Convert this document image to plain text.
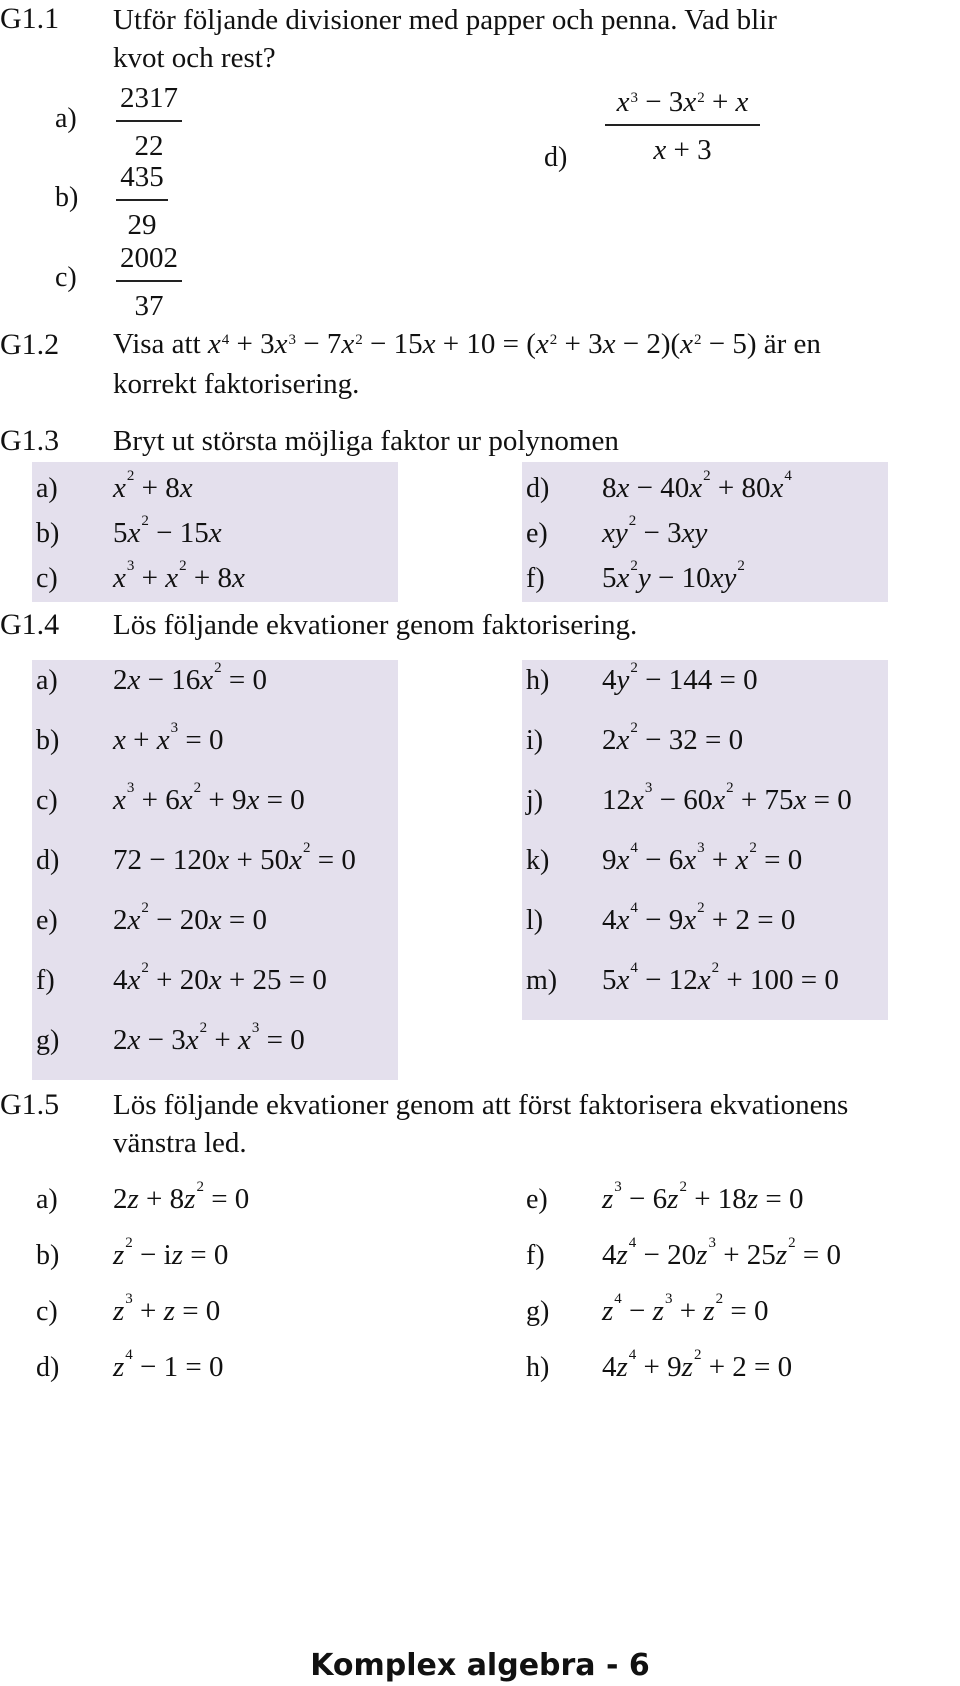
G1.1 Utför följande divisioner med papper och penna. Vad blir
kvot och rest?
a)
2317
22
b)
435
29
c)
2002
37
d)
$x^3 - 3x^2 + x$
x + 3
G1.2 Visa att $x^4 + 3x^3 - 7x^2 - 15x + 10 = (x^2 + 3x - 2)(x^2 - 5)$ är en
korrekt faktorisering.
G1.3 Bryt ut största möjliga faktor ur polynomen
a) $x^2 + 8x$
b) $5x^2 - 15x$
c) $x^3 + x^2 + 8x$
d) $8x - 40x^2 + 80x^4$
e) $xy^2 - 3xy$
f) $5x^2y - 10xy^2$
G1.4 Lös följande ekvationer genom faktorisering.
a) $2x - 16x^2 = 0$
b) $x + x^3 = 0$
c) $x^3 + 6x^2 + 9x = 0$
d) $72 - 120x + 50x^2 = 0$
e) $2x^2 - 20x = 0$
f) $4x^2 + 20x + 25 = 0$
g) $2x - 3x^2 + x^3 = 0$
h) $4y^2 - 144 = 0$
i) $2x^2 - 32 = 0$
j) $12x^3 - 60x^2 + 75x = 0$
k) $9x^4 - 6x^3 + x^2 = 0$
l) $4x^4 - 9x^2 + 2 = 0$
m) $5x^4 - 12x^2 + 100 = 0$
G1.5 Lös följande ekvationer genom att först faktorisera ekvationens
vänstra led.
a) $2z + 8z^2 = 0$
b) $z^2$ − iz = 0
c) $z^3 + z = 0$
d) $z^4 - 1 = 0$
e) $z^3 - 6z^2 + 18z = 0$
f) $4z^4 - 20z^3 + 25z^2 = 0$
g) $z^4 - z^3 + z^2 = 0$
h) $4z^4 + 9z^2 + 2 = 0$
Komplex algebra - 6
